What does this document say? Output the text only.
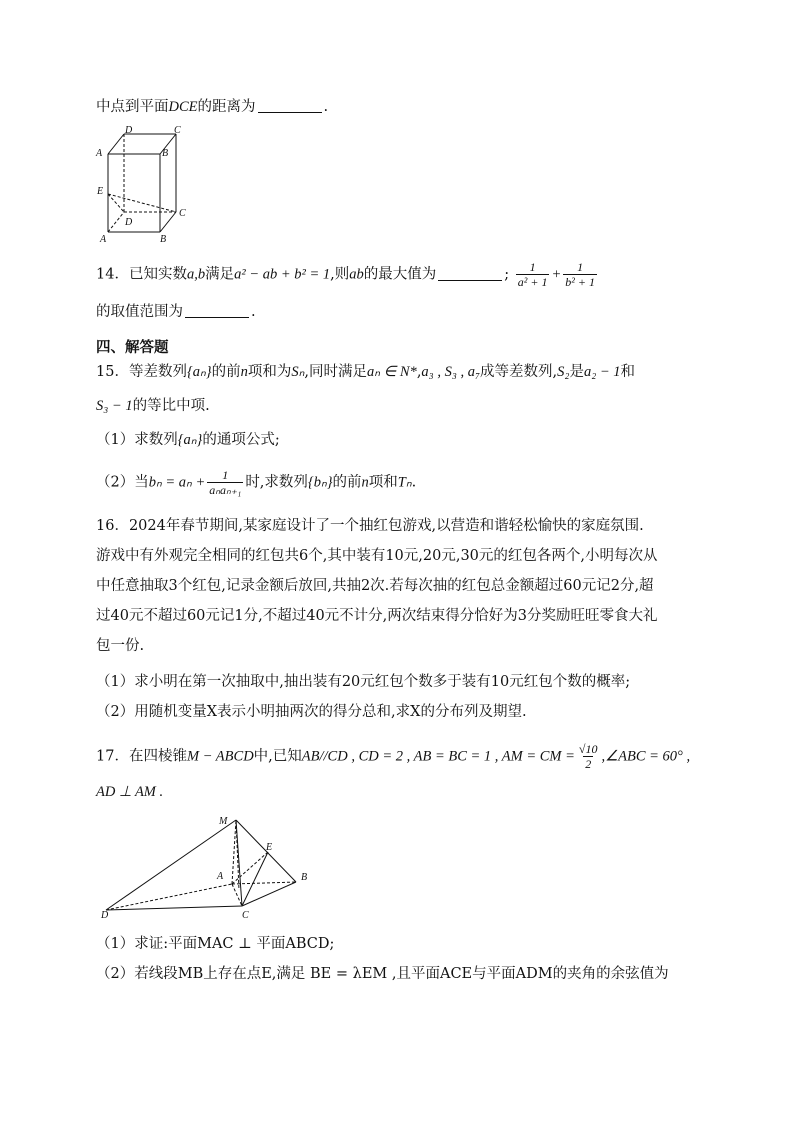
中点到平面DCE的距离为	.
D	C
A	B
E
C
D
A	B
14．已知实数a,b满足a² − ab + b² = 1,则ab的最大值为	; $\frac{1}{\text{a² + 1}} + \frac{1}{\text{b² + 1}}$
的取值范围为	.
四、解答题
15．等差数列{aₙ}的前n项和为Sₙ,同时满足aₙ ∈ N*,a₃ , S₃ , a₇成等差数列,S₂是a₂ − 1和
S₃ − 1的等比中项.
（1）求数列{aₙ}的通项公式;
（2）当$b_n = a_n + \frac{1}{\text{aₙaₙ₊₁}}$ 时,求数列{bₙ}的前n项和Tₙ.
16．2024年春节期间,某家庭设计了一个抽红包游戏,以营造和谐轻松愉快的家庭氛围.
游戏中有外观完全相同的红包共6个,其中装有10元,20元,30元的红包各两个,小明每次从
中任意抽取3个红包,记录金额后放回,共抽2次.若每次抽的红包总金额超过60元记2分,超
过40元不超过60元记1分,不超过40元不计分,两次结束得分恰好为3分奖励旺旺零食大礼
包一份.
（1）求小明在第一次抽取中,抽出装有20元红包个数多于装有10元红包个数的概率;
（2）用随机变量X表示小明抽两次的得分总和,求X的分布列及期望.
17．在四棱锥M − ABCD中,已知AB//CD , CD = 2 , AB = BC = 1 , AM = CM = $\frac{√10}{2}$ ,∠ABC = 60° ,
AD ⊥ AM .
M
E
A	B
D	C
（1）求证:平面MAC ⊥ 平面ABCD;
（2）若线段MB上存在点E,满足 BE = λEM ,且平面ACE与平面ADM的夹角的余弦值为
